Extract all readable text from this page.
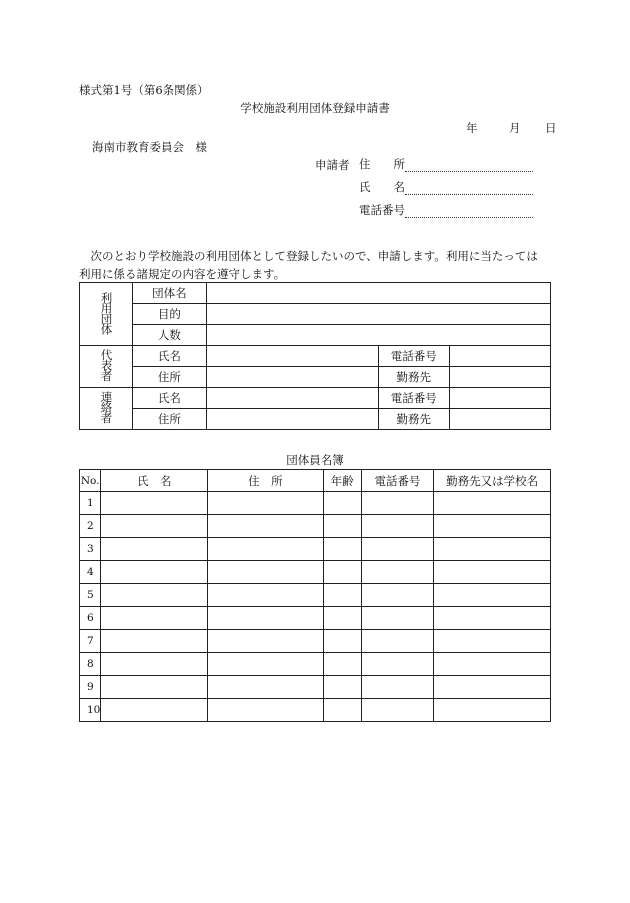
様式第1号（第6条関係）
学校施設利用団体登録申請書
年	月 日
海南市教育委員会　様
申請者 住　　所
氏　　名
電話番号

次のとおり学校施設の利用団体として登録したいので、申請します。利用に当たっては

利用に係る諸規定の内容を遵守します。

利用団体	団体名			
	目的			
	人数			
代表者	氏名		電話番号	
	住所		勤務先	
連絡者	氏名		電話番号	
	住所		勤務先	
団体員名簿
No.	氏　名	住　所	年齢	電話番号	勤務先又は学校名
1					
2					
3					
4					
5					
6					
7					
8					
9					
10					
